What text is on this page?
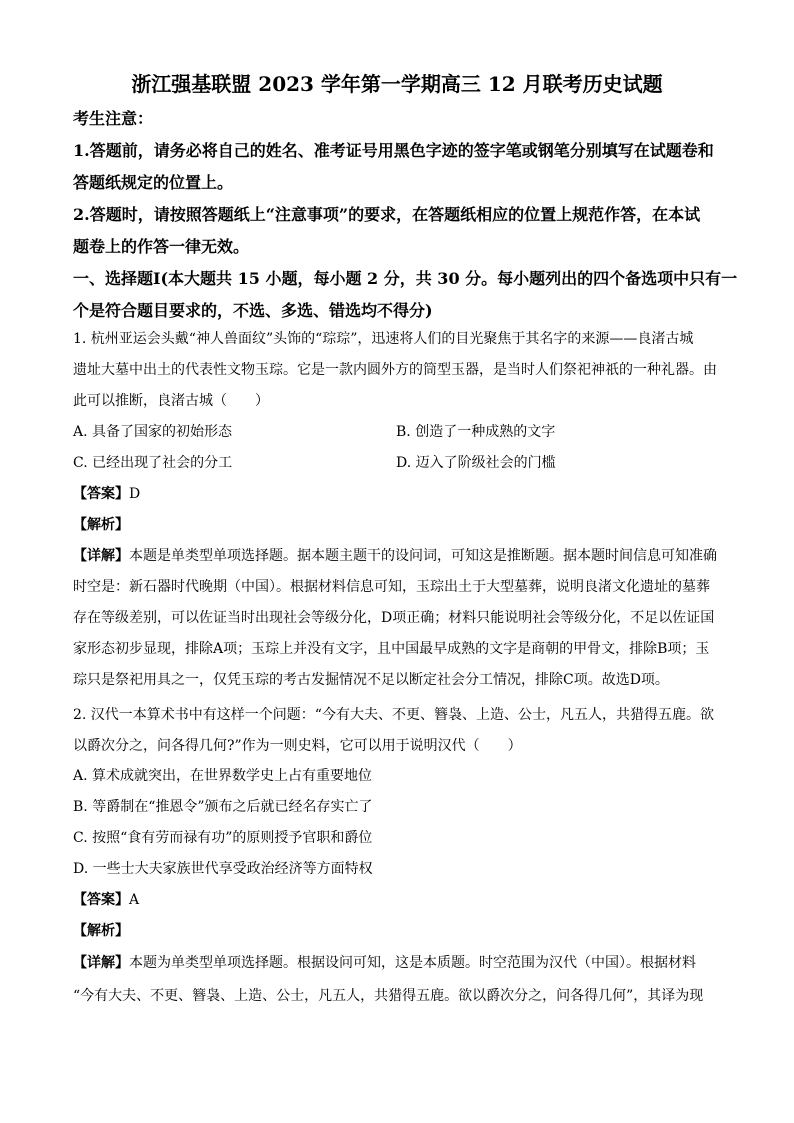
浙江强基联盟 2023 学年第一学期高三 12 月联考历史试题
考生注意：
1.答题前，请务必将自己的姓名、准考证号用黑色字迹的签字笔或钢笔分别填写在试题卷和
答题纸规定的位置上。
2.答题时，请按照答题纸上“注意事项”的要求，在答题纸相应的位置上规范作答，在本试
题卷上的作答一律无效。
一、选择题Ⅰ(本大题共 15 小题，每小题 2 分，共 30 分。每小题列出的四个备选项中只有一
个是符合题目要求的，不选、多选、错选均不得分)
1. 杭州亚运会头戴“神人兽面纹”头饰的“琮琮”，迅速将人们的目光聚焦于其名字的来源——良渚古城
遗址大墓中出土的代表性文物玉琮。它是一款内圆外方的筒型玉器，是当时人们祭祀神祇的一种礼器。由
此可以推断，良渚古城（　　）
A. 具备了国家的初始形态	B. 创造了一种成熟的文字
C. 已经出现了社会的分工	D. 迈入了阶级社会的门槛
【答案】D
【解析】
【详解】本题是单类型单项选择题。据本题主题干的设问词，可知这是推断题。据本题时间信息可知准确
时空是：新石器时代晚期（中国）。根据材料信息可知，玉琮出土于大型墓葬，说明良渚文化遗址的墓葬
存在等级差别，可以佐证当时出现社会等级分化，D项正确；材料只能说明社会等级分化，不足以佐证国
家形态初步显现，排除A项；玉琮上并没有文字，且中国最早成熟的文字是商朝的甲骨文，排除B项；玉
琮只是祭祀用具之一，仅凭玉琮的考古发掘情况不足以断定社会分工情况，排除C项。故选D项。
2. 汉代一本算术书中有这样一个问题：“今有大夫、不更、簪袅、上造、公士，凡五人，共猎得五鹿。欲
以爵次分之，问各得几何?”作为一则史料，它可以用于说明汉代（　　）
A. 算术成就突出，在世界数学史上占有重要地位
B. 等爵制在“推恩令”颁布之后就已经名存实亡了
C. 按照“食有劳而禄有功”的原则授予官职和爵位
D. 一些士大夫家族世代享受政治经济等方面特权
【答案】A
【解析】
【详解】本题为单类型单项选择题。根据设问可知，这是本质题。时空范围为汉代（中国）。根据材料
“今有大夫、不更、簪袅、上造、公士，凡五人，共猎得五鹿。欲以爵次分之，问各得几何”，其译为现
